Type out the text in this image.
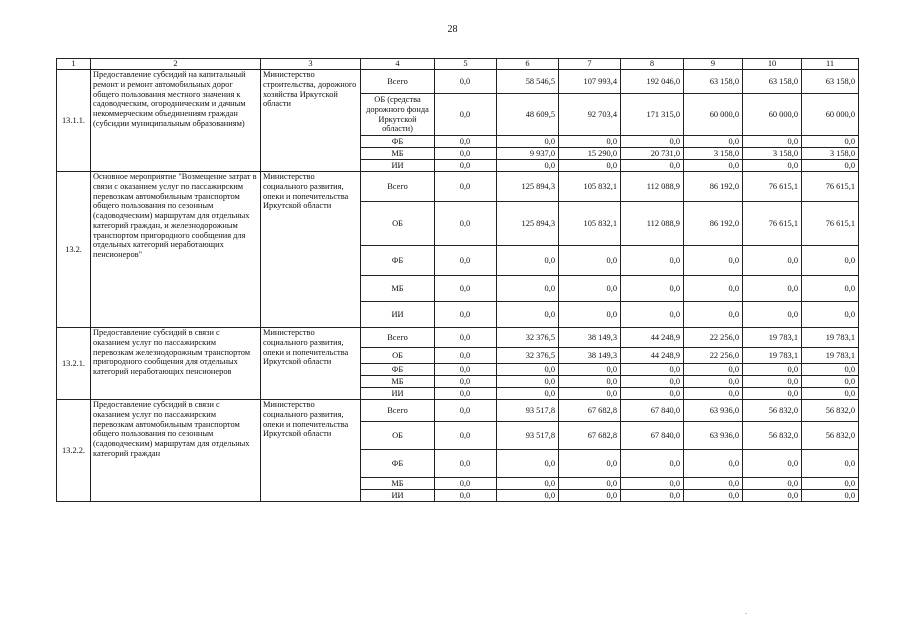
28
1	2	3	4	5	6	7	8	9	10	11
13.1.1.	Предоставление субсидий на капитальный ремонт и ремонт автомобильных дорог общего пользования местного значения к садоводческим, огородническим и дачным некоммерческим объединениям граждан (субсидии муниципальным образованиям)	Министерство строительства, дорожного хозяйства Иркутской области	Всего	0,0	58 546,5	107 993,4	192 046,0	63 158,0	63 158,0	63 158,0
			ОБ (средства дорожного фонда Иркутской области)	0,0	48 609,5	92 703,4	171 315,0	60 000,0	60 000,0	60 000,0
			ФБ	0,0	0,0	0,0	0,0	0,0	0,0	0,0
			МБ	0,0	9 937,0	15 290,0	20 731,0	3 158,0	3 158,0	3 158,0
			ИИ	0,0	0,0	0,0	0,0	0,0	0,0	0,0
13.2.	Основное мероприятие "Возмещение затрат в связи с оказанием услуг по пассажирским перевозкам автомобильным транспортом общего пользования по сезонным (садоводческим) маршрутам для отдельных категорий граждан, и железнодорожным транспортом пригородного сообщения для отдельных категорий неработающих пенсионеров"	Министерство социального развития, опеки и попечительства Иркутской области	Всего	0,0	125 894,3	105 832,1	112 088,9	86 192,0	76 615,1	76 615,1
			ОБ	0,0	125 894,3	105 832,1	112 088,9	86 192,0	76 615,1	76 615,1
			ФБ	0,0	0,0	0,0	0,0	0,0	0,0	0,0
			МБ	0,0	0,0	0,0	0,0	0,0	0,0	0,0
			ИИ	0,0	0,0	0,0	0,0	0,0	0,0	0,0
13.2.1.	Предоставление субсидий в связи с оказанием услуг по пассажирским перевозкам железнодорожным транспортом пригородного сообщения для отдельных категорий неработающих пенсионеров	Министерство социального развития, опеки и попечительства Иркутской области	Всего	0,0	32 376,5	38 149,3	44 248,9	22 256,0	19 783,1	19 783,1
			ОБ	0,0	32 376,5	38 149,3	44 248,9	22 256,0	19 783,1	19 783,1
			ФБ	0,0	0,0	0,0	0,0	0,0	0,0	0,0
			МБ	0,0	0,0	0,0	0,0	0,0	0,0	0,0
			ИИ	0,0	0,0	0,0	0,0	0,0	0,0	0,0
13.2.2.	Предоставление субсидий в связи с оказанием услуг по пассажирским перевозкам автомобильным транспортом общего пользования по сезонным (садоводческим) маршрутам для отдельных категорий граждан	Министерство социального развития, опеки и попечительства Иркутской области	Всего	0,0	93 517,8	67 682,8	67 840,0	63 936,0	56 832,0	56 832,0
			ОБ	0,0	93 517,8	67 682,8	67 840,0	63 936,0	56 832,0	56 832,0
			ФБ	0,0	0,0	0,0	0,0	0,0	0,0	0,0
			МБ	0,0	0,0	0,0	0,0	0,0	0,0	0,0
			ИИ	0,0	0,0	0,0	0,0	0,0	0,0	0,0
.
